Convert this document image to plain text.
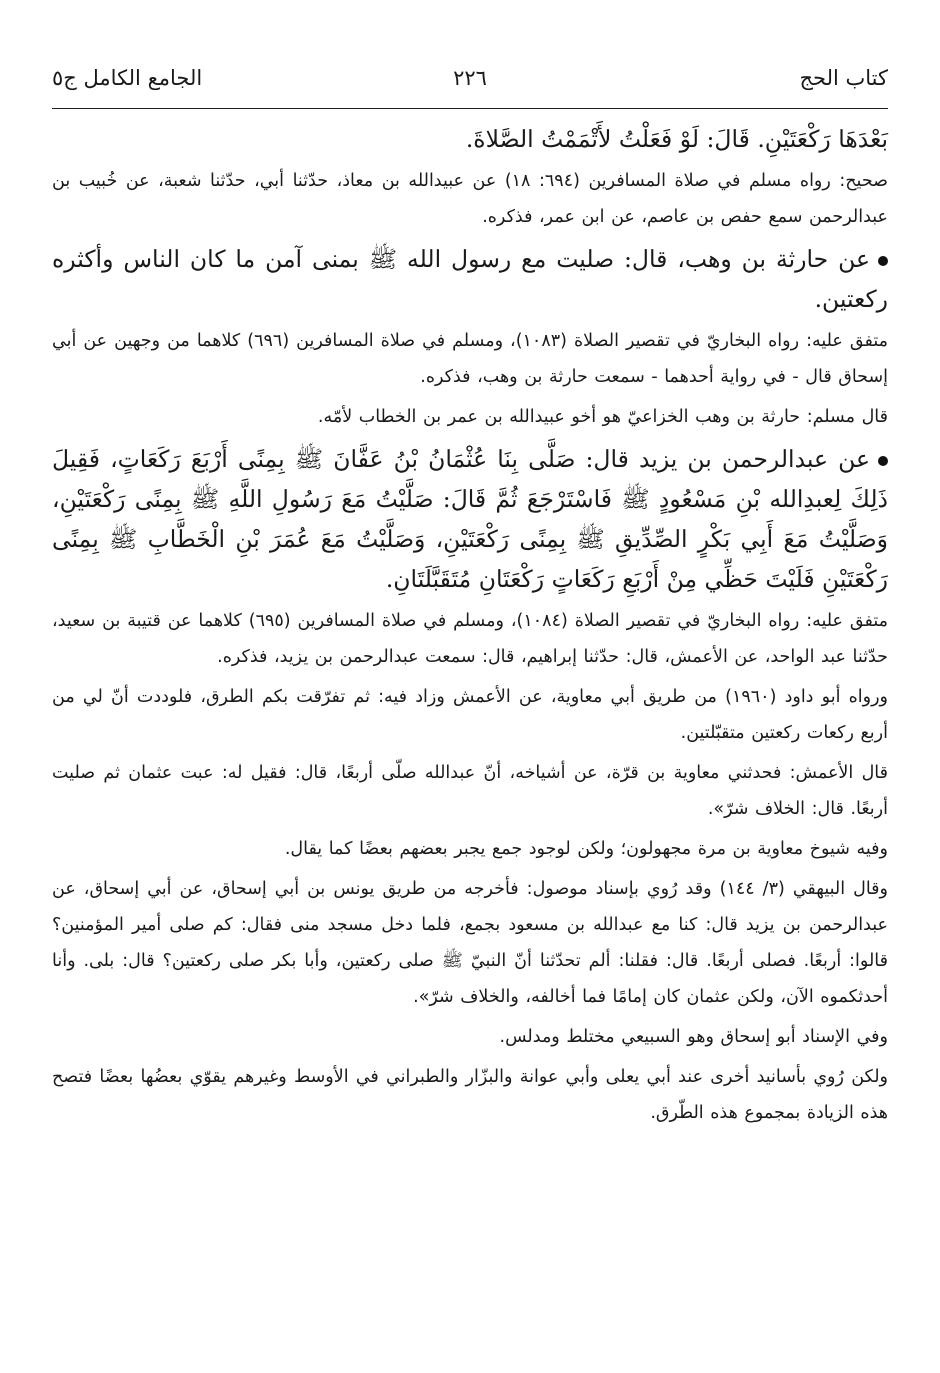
كتاب الحج
٢٢٦
الجامع الكامل ج٥
بَعْدَهَا رَكْعَتَيْنِ. قَالَ: لَوْ فَعَلْتُ لأَتْمَمْتُ الصَّلاةَ.
صحيح: رواه مسلم في صلاة المسافرين (٦٩٤: ١٨) عن عبيدالله بن معاذ، حدّثنا أبي، حدّثنا شعبة، عن خُبيب بن عبدالرحمن سمع حفص بن عاصم، عن ابن عمر، فذكره.
عن حارثة بن وهب، قال: صليت مع رسول الله ﷺ بمنى آمن ما كان الناس وأكثره ركعتين.
متفق عليه: رواه البخاريّ في تقصير الصلاة (١٠٨٣)، ومسلم في صلاة المسافرين (٦٩٦) كلاهما من وجهين عن أبي إسحاق قال - في رواية أحدهما - سمعت حارثة بن وهب، فذكره.
قال مسلم: حارثة بن وهب الخزاعيّ هو أخو عبيدالله بن عمر بن الخطاب لأمّه.
عن عبدالرحمن بن يزيد قال: صَلَّى بِنَا عُثْمَانُ بْنُ عَفَّانَ ﷺ بِمِنًى أَرْبَعَ رَكَعَاتٍ، فَقِيلَ ذَلِكَ لِعبدِالله بْنِ مَسْعُودٍ ﷺ فَاسْتَرْجَعَ ثُمَّ قَالَ: صَلَّيْتُ مَعَ رَسُولِ اللَّهِ ﷺ بِمِنًى رَكْعَتَيْنِ، وَصَلَّيْتُ مَعَ أَبِي بَكْرٍ الصِّدِّيقِ ﷺ بِمِنًى رَكْعَتَيْنِ، وَصَلَّيْتُ مَعَ عُمَرَ بْنِ الْخَطَّابِ ﷺ بِمِنًى رَكْعَتَيْنِ فَلَيْتَ حَظِّي مِنْ أَرْبَعِ رَكَعَاتٍ رَكْعَتَانِ مُتَقَبَّلَتَانِ.
متفق عليه: رواه البخاريّ في تقصير الصلاة (١٠٨٤)، ومسلم في صلاة المسافرين (٦٩٥) كلاهما عن قتيبة بن سعيد، حدّثنا عبد الواحد، عن الأعمش، قال: حدّثنا إبراهيم، قال: سمعت عبدالرحمن بن يزيد، فذكره.
ورواه أبو داود (١٩٦٠) من طريق أبي معاوية، عن الأعمش وزاد فيه: ثم تفرّقت بكم الطرق، فلوددت أنّ لي من أربع ركعات ركعتين متقبّلتين.
قال الأعمش: فحدثني معاوية بن قرّة، عن أشياخه، أنّ عبدالله صلّى أربعًا، قال: فقيل له: عبت عثمان ثم صليت أربعًا. قال: الخلاف شرّ».
وفيه شيوخ معاوية بن مرة مجهولون؛ ولكن لوجود جمع يجبر بعضهم بعضًا كما يقال.
وقال البيهقي (٣/ ١٤٤) وقد رُوي بإسناد موصول: فأخرجه من طريق يونس بن أبي إسحاق، عن أبي إسحاق، عن عبدالرحمن بن يزيد قال: كنا مع عبدالله بن مسعود بجمع، فلما دخل مسجد منى فقال: كم صلى أمير المؤمنين؟ قالوا: أربعًا. فصلى أربعًا. قال: فقلنا: ألم تحدّثنا أنّ النبيّ ﷺ صلى ركعتين، وأبا بكر صلى ركعتين؟ قال: بلى. وأنا أحدثكموه الآن، ولكن عثمان كان إمامًا فما أخالفه، والخلاف شرّ».
وفي الإسناد أبو إسحاق وهو السبيعي مختلط ومدلس.
ولكن رُوي بأسانيد أخرى عند أبي يعلى وأبي عوانة والبزّار والطبراني في الأوسط وغيرهم يقوّي بعضُها بعضًا فتصح هذه الزيادة بمجموع هذه الطّرق.
